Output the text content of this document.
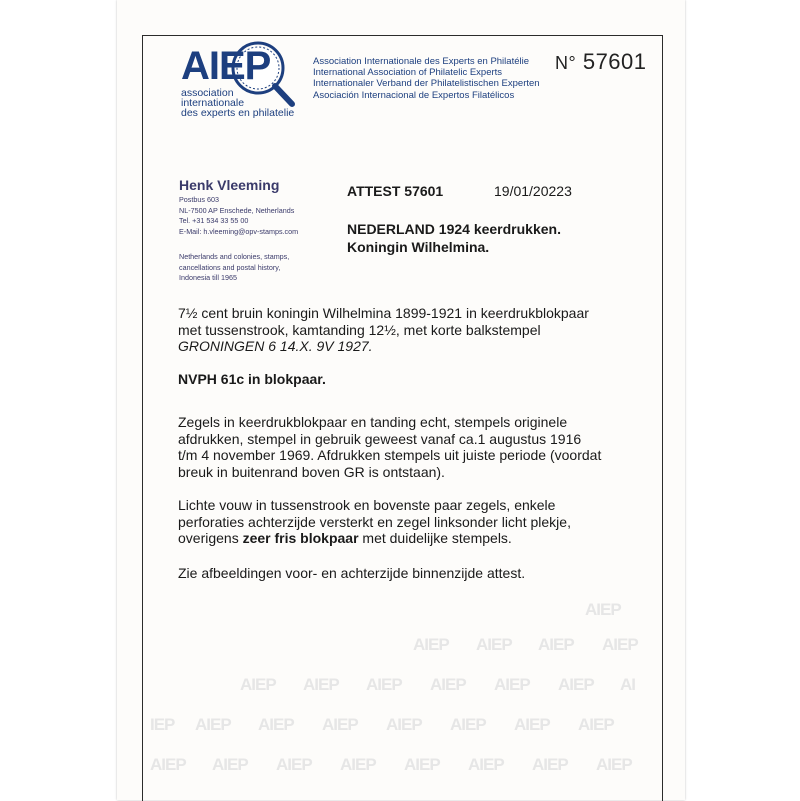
AIEP
AIEP AIEP AIEP AIEP
AIEP AIEP AIEP AIEP AIEP AIEP AI
IEP AIEP AIEP AIEP AIEP AIEP AIEP AIEP
AIEP AIEP AIEP AIEP AIEP AIEP AIEP AIEP
AIEP
association
internationale
des experts en philatelie
Association Internationale des Experts en Philatélie
International Association of Philatelic Experts
Internationaler Verband der Philatelistischen Experten
Asociación Internacional de Expertos Filatélicos
N° 57601
Henk Vleeming
Postbus 603
NL-7500 AP Enschede, Netherlands
Tel. +31 534 33 55 00
E-Mail: h.vleeming@opv-stamps.com
Netherlands and colonies, stamps,
cancellations and postal history,
Indonesia till 1965
ATTEST 57601	19/01/20223
NEDERLAND 1924 keerdrukken.
Koningin Wilhelmina.
7½ cent bruin koningin Wilhelmina 1899-1921 in keerdrukblokpaar
met tussenstrook, kamtanding 12½, met korte balkstempel
GRONINGEN 6 14.X. 9V 1927.
NVPH 61c in blokpaar.
Zegels in keerdrukblokpaar en tanding echt, stempels originele
afdrukken, stempel in gebruik geweest vanaf ca.1 augustus 1916
t/m 4 november 1969. Afdrukken stempels uit juiste periode (voordat
breuk in buitenrand boven GR is ontstaan).
Lichte vouw in tussenstrook en bovenste paar zegels, enkele
perforaties achterzijde versterkt en zegel linksonder licht plekje,
overigens zeer fris blokpaar met duidelijke stempels.
Zie afbeeldingen voor- en achterzijde binnenzijde attest.
